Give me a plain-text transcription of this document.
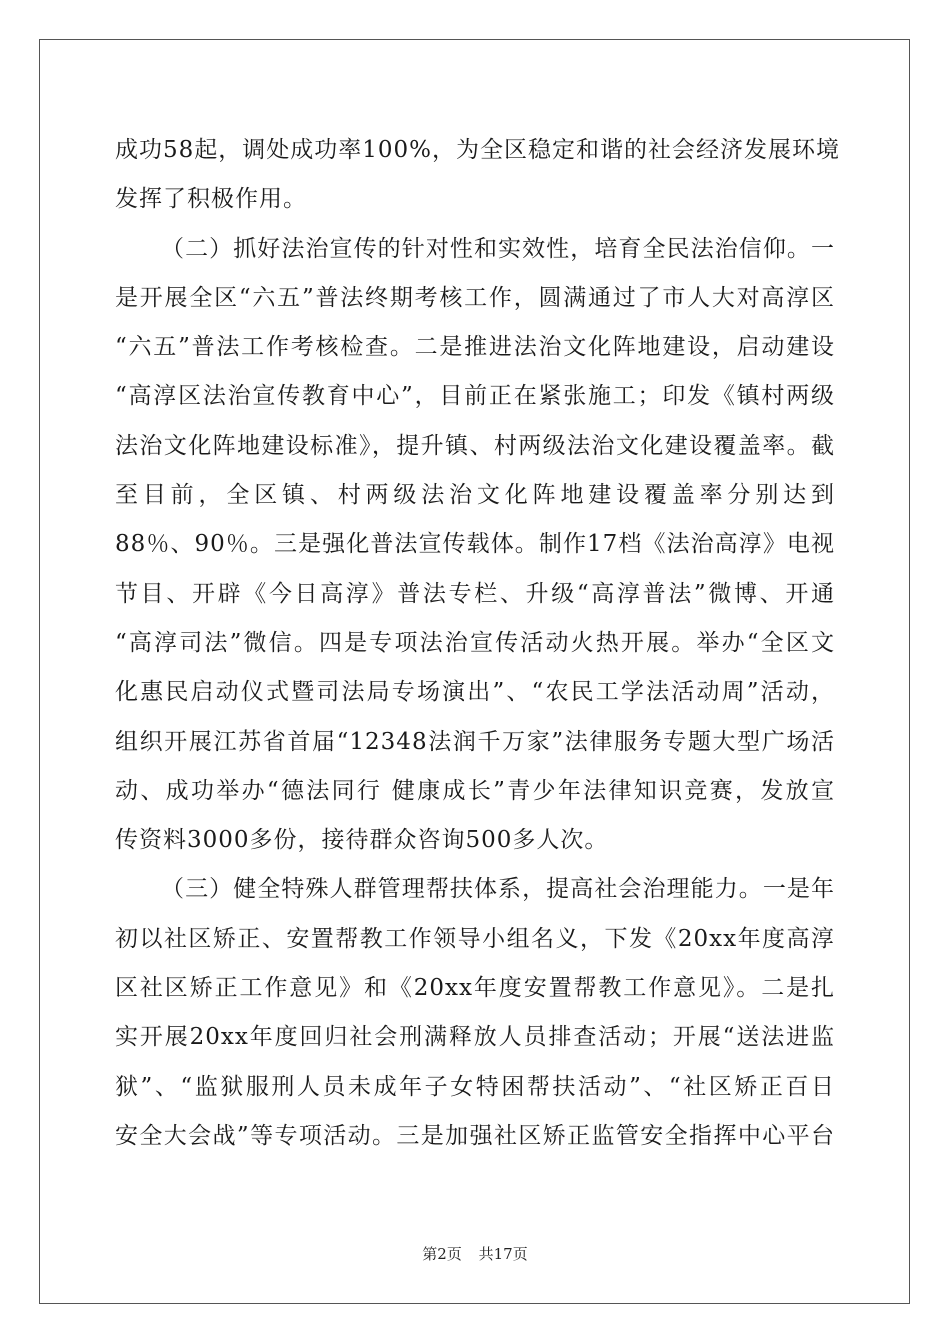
成功58起，调处成功率100%，为全区稳定和谐的社会经济发展环境
发挥了积极作用。
（二）抓好法治宣传的针对性和实效性，培育全民法治信仰。一
是开展全区“六五”普法终期考核工作，圆满通过了市人大对高淳区
“六五”普法工作考核检查。二是推进法治文化阵地建设，启动建设
“高淳区法治宣传教育中心”，目前正在紧张施工；印发《镇村两级
法治文化阵地建设标准》，提升镇、村两级法治文化建设覆盖率。截
至目前，全区镇、村两级法治文化阵地建设覆盖率分别达到
88％、90％。三是强化普法宣传载体。制作17档《法治高淳》电视
节目、开辟《今日高淳》普法专栏、升级“高淳普法”微博、开通
“高淳司法”微信。四是专项法治宣传活动火热开展。举办“全区文
化惠民启动仪式暨司法局专场演出”、“农民工学法活动周”活动，
组织开展江苏省首届“12348法润千万家”法律服务专题大型广场活
动、成功举办“德法同行 健康成长”青少年法律知识竞赛，发放宣
传资料3000多份，接待群众咨询500多人次。
（三）健全特殊人群管理帮扶体系，提高社会治理能力。一是年
初以社区矫正、安置帮教工作领导小组名义，下发《20xx年度高淳
区社区矫正工作意见》和《20xx年度安置帮教工作意见》。二是扎
实开展20xx年度回归社会刑满释放人员排查活动；开展“送法进监
狱”、“监狱服刑人员未成年子女特困帮扶活动”、“社区矫正百日
安全大会战”等专项活动。三是加强社区矫正监管安全指挥中心平台
第2页 共17页
